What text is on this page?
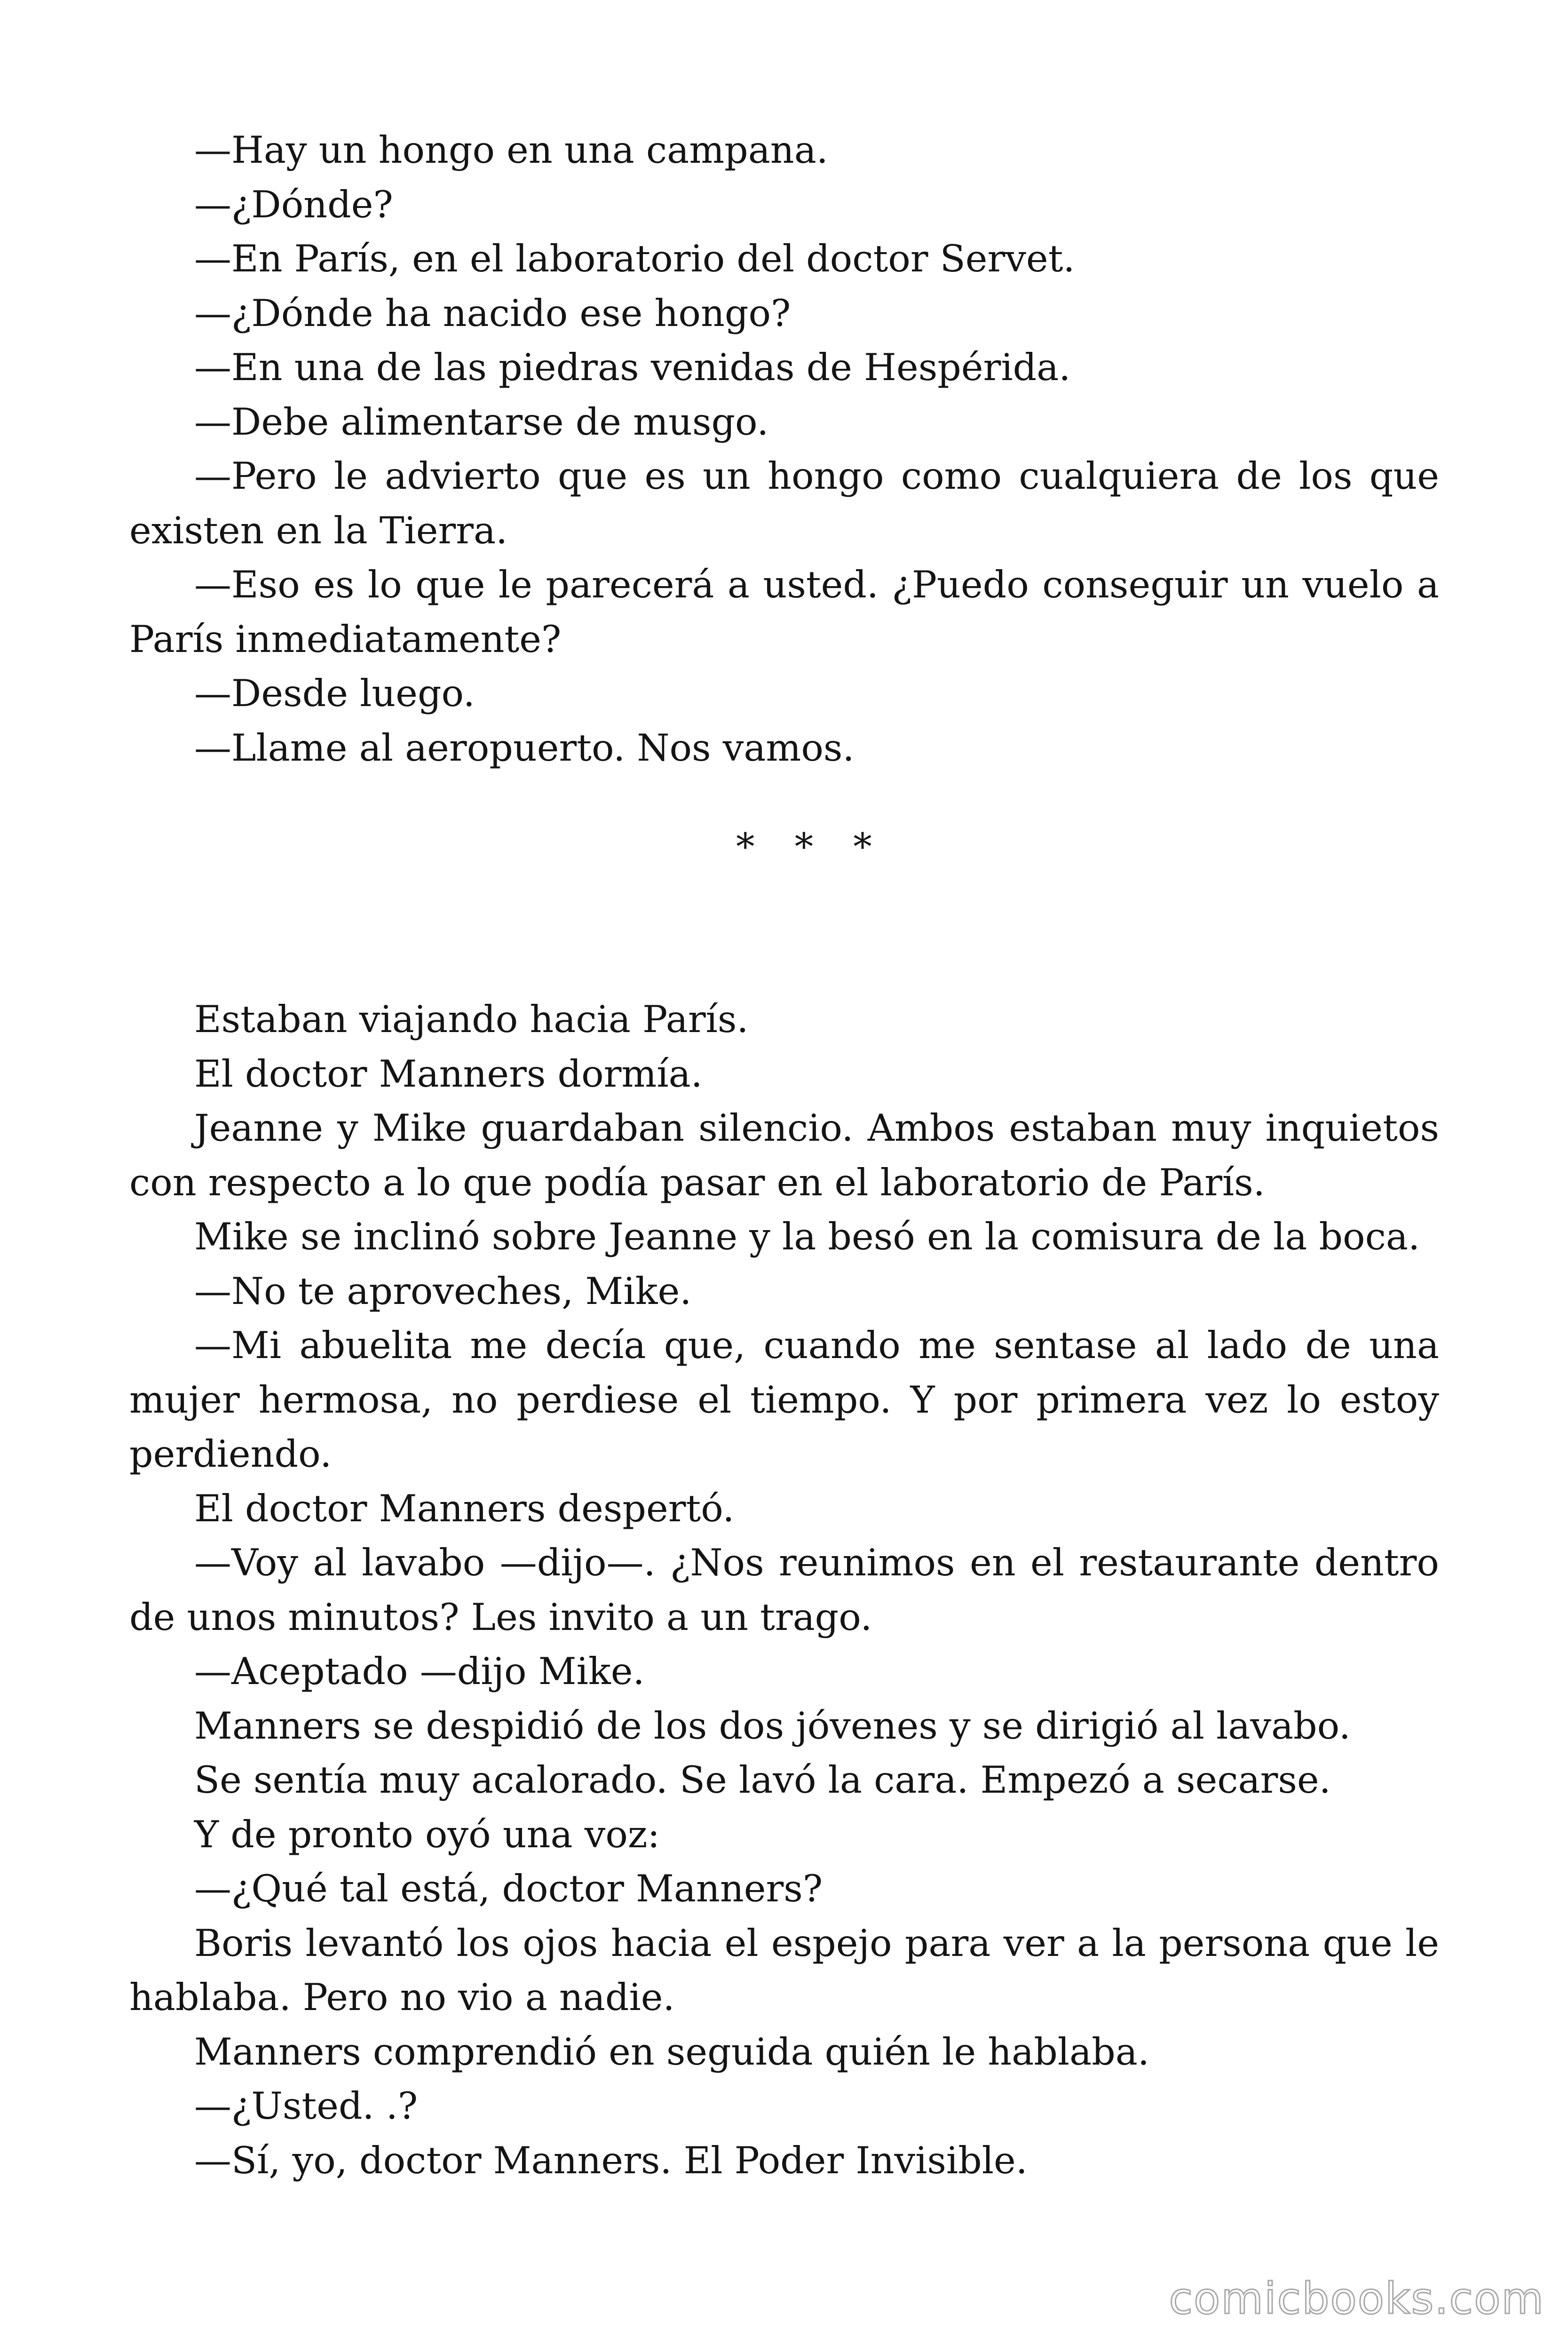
—Hay un hongo en una campana.

—¿Dónde?

—En París, en el laboratorio del doctor Servet.

—¿Dónde ha nacido ese hongo?

—En una de las piedras venidas de Hespérida.

—Debe alimentarse de musgo.

—Pero le advierto que es un hongo como cualquiera de los que existen en la Tierra.

—Eso es lo que le parecerá a usted. ¿Puedo conseguir un vuelo a París inmediatamente?

—Desde luego.

—Llame al aeropuerto. Nos vamos.

* * *

Estaban viajando hacia París.

El doctor Manners dormía.

Jeanne y Mike guardaban silencio. Ambos estaban muy inquietos con respecto a lo que podía pasar en el laboratorio de París.

Mike se inclinó sobre Jeanne y la besó en la comisura de la boca.

—No te aproveches, Mike.

—Mi abuelita me decía que, cuando me sentase al lado de una mujer hermosa, no perdiese el tiempo. Y por primera vez lo estoy perdiendo.

El doctor Manners despertó.

—Voy al lavabo —dijo—. ¿Nos reunimos en el restaurante dentro de unos minutos? Les invito a un trago.

—Aceptado —dijo Mike.

Manners se despidió de los dos jóvenes y se dirigió al lavabo.

Se sentía muy acalorado. Se lavó la cara. Empezó a secarse.

Y de pronto oyó una voz:

—¿Qué tal está, doctor Manners?

Boris levantó los ojos hacia el espejo para ver a la persona que le hablaba. Pero no vio a nadie.

Manners comprendió en seguida quién le hablaba.

—¿Usted. .?

—Sí, yo, doctor Manners. El Poder Invisible.

comicbooks.com
